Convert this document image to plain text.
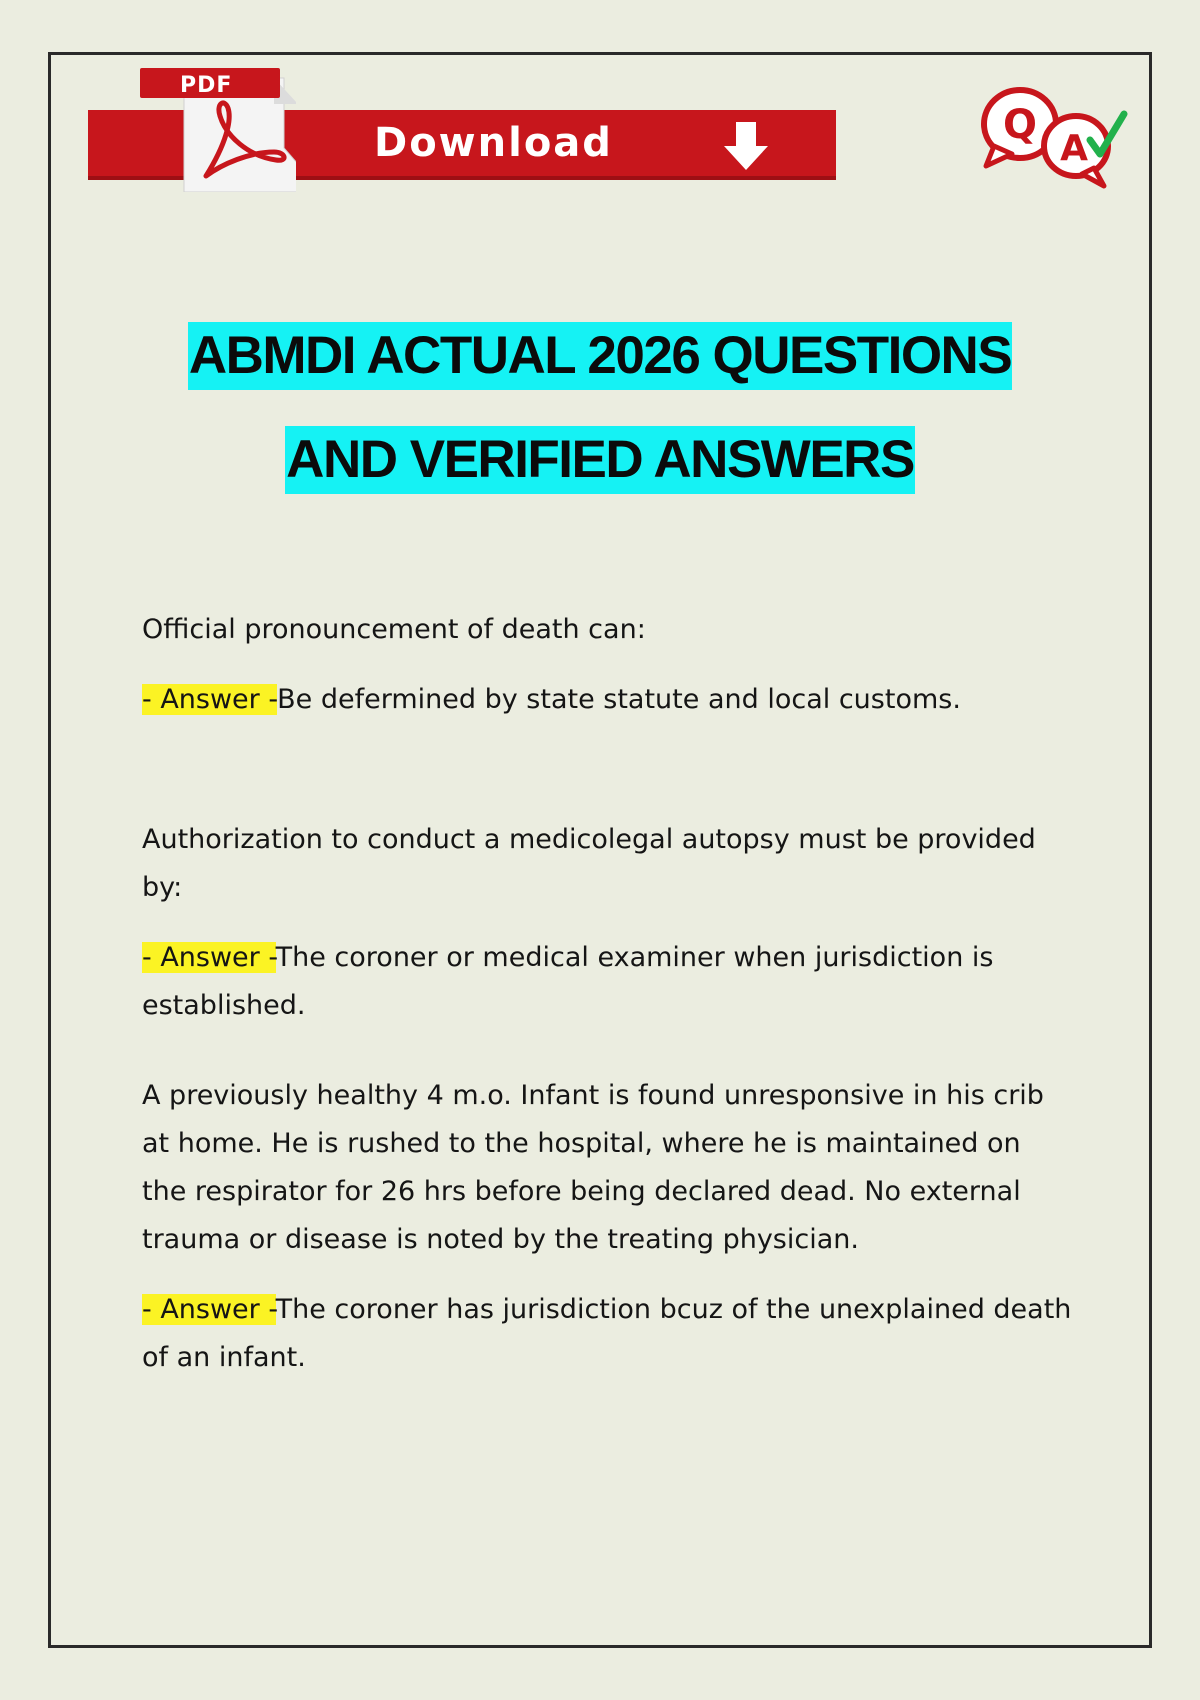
Download
PDF
Q
A
ABMDI ACTUAL 2026 QUESTIONS
AND VERIFIED ANSWERS

Official pronouncement of death can:

- Answer -Be defermined by state statute and local customs.

Authorization to conduct a medicolegal autopsy must be provided by:

- Answer -The coroner or medical examiner when jurisdiction is established.

A previously healthy 4 m.o. Infant is found unresponsive in his crib at home. He is rushed to the hospital, where he is maintained on the respirator for 26 hrs before being declared dead. No external trauma or disease is noted by the treating physician.

- Answer -The coroner has jurisdiction bcuz of the unexplained death of an infant.
